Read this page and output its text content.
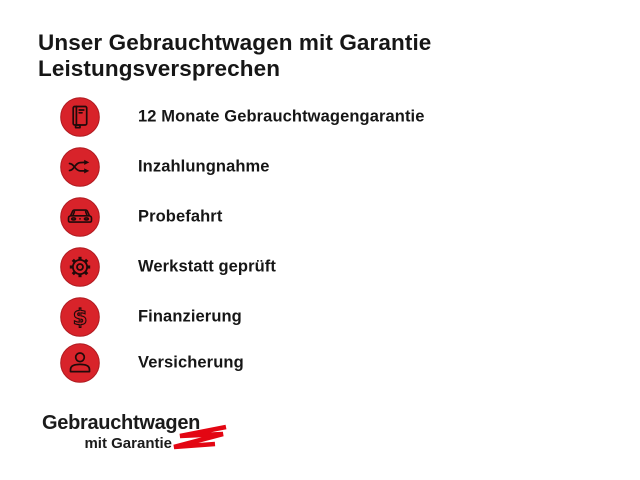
Unser Gebrauchtwagen mit Garantie
Leistungsversprechen
12 Monate Gebrauchtwagengarantie
Inzahlungnahme
Probefahrt
Werkstatt geprüft
$	Finanzierung
Versicherung
Gebrauchtwagen
mit Garantie
